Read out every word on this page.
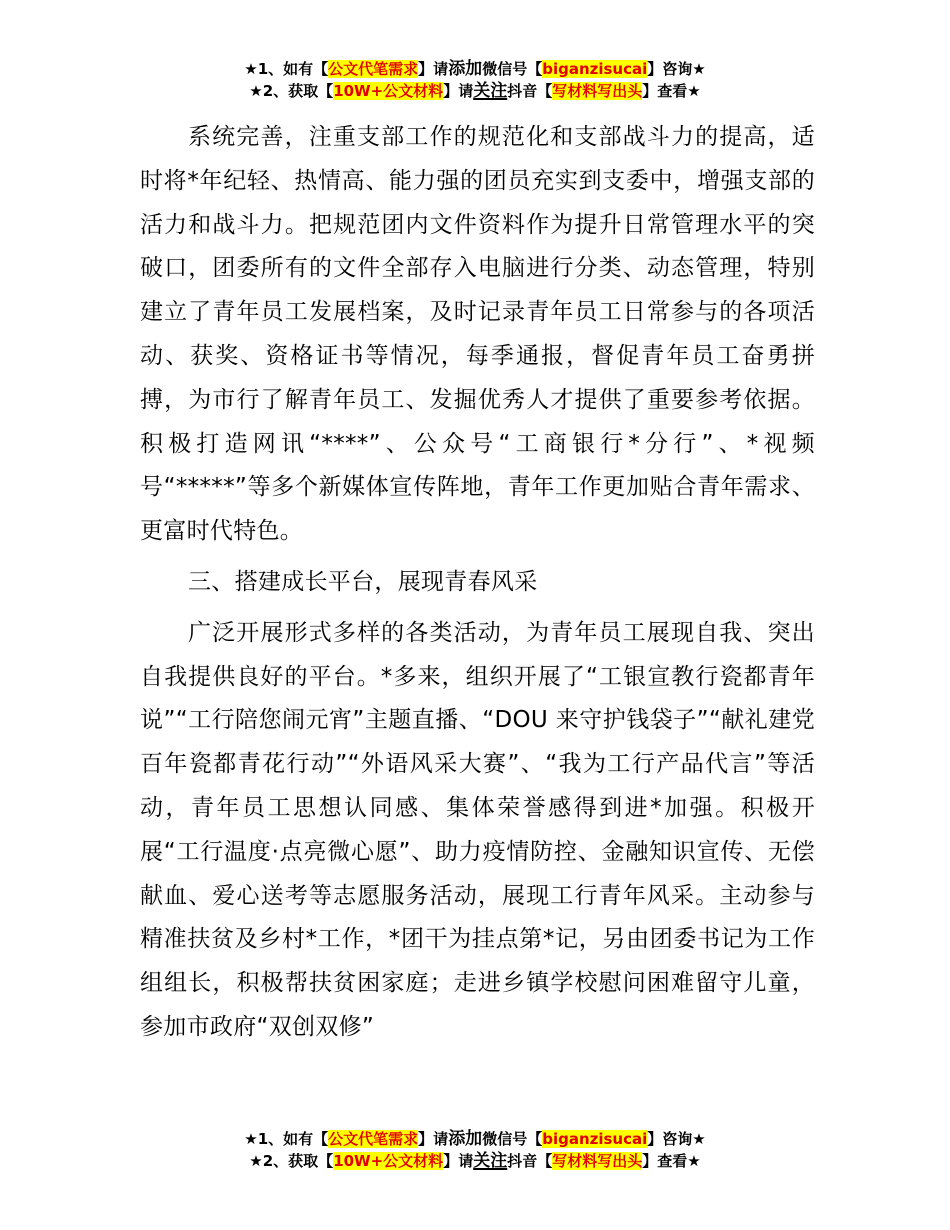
★1、如有【公文代笔需求】请添加微信号【biganzisucai】咨询★
★2、获取【10W+公文材料】请关注抖音【写材料写出头】查看★

系统完善，注重支部工作的规范化和支部战斗力的提高，适时将*年纪轻、热情高、能力强的团员充实到支委中，增强支部的活力和战斗力。把规范团内文件资料作为提升日常管理水平的突破口，团委所有的文件全部存入电脑进行分类、动态管理，特别建立了青年员工发展档案，及时记录青年员工日常参与的各项活动、获奖、资格证书等情况，每季通报，督促青年员工奋勇拼搏，为市行了解青年员工、发掘优秀人才提供了重要参考依据。积极打造网讯“****”、公众号“工商银行*分行”、*视频号“*****”等多个新媒体宣传阵地，青年工作更加贴合青年需求、更富时代特色。

三、搭建成长平台，展现青春风采

广泛开展形式多样的各类活动，为青年员工展现自我、突出自我提供良好的平台。*多来，组织开展了“工银宣教行瓷都青年说”“工行陪您闹元宵”主题直播、“DOU 来守护钱袋子”“献礼建党百年瓷都青花行动”“外语风采大赛”、“我为工行产品代言”等活动，青年员工思想认同感、集体荣誉感得到进*加强。积极开展“工行温度·点亮微心愿”、助力疫情防控、金融知识宣传、无偿献血、爱心送考等志愿服务活动，展现工行青年风采。主动参与精准扶贫及乡村*工作，*团干为挂点第*记，另由团委书记为工作组组长，积极帮扶贫困家庭；走进乡镇学校慰问困难留守儿童，参加市政府“双创双修”

★1、如有【公文代笔需求】请添加微信号【biganzisucai】咨询★
★2、获取【10W+公文材料】请关注抖音【写材料写出头】查看★
